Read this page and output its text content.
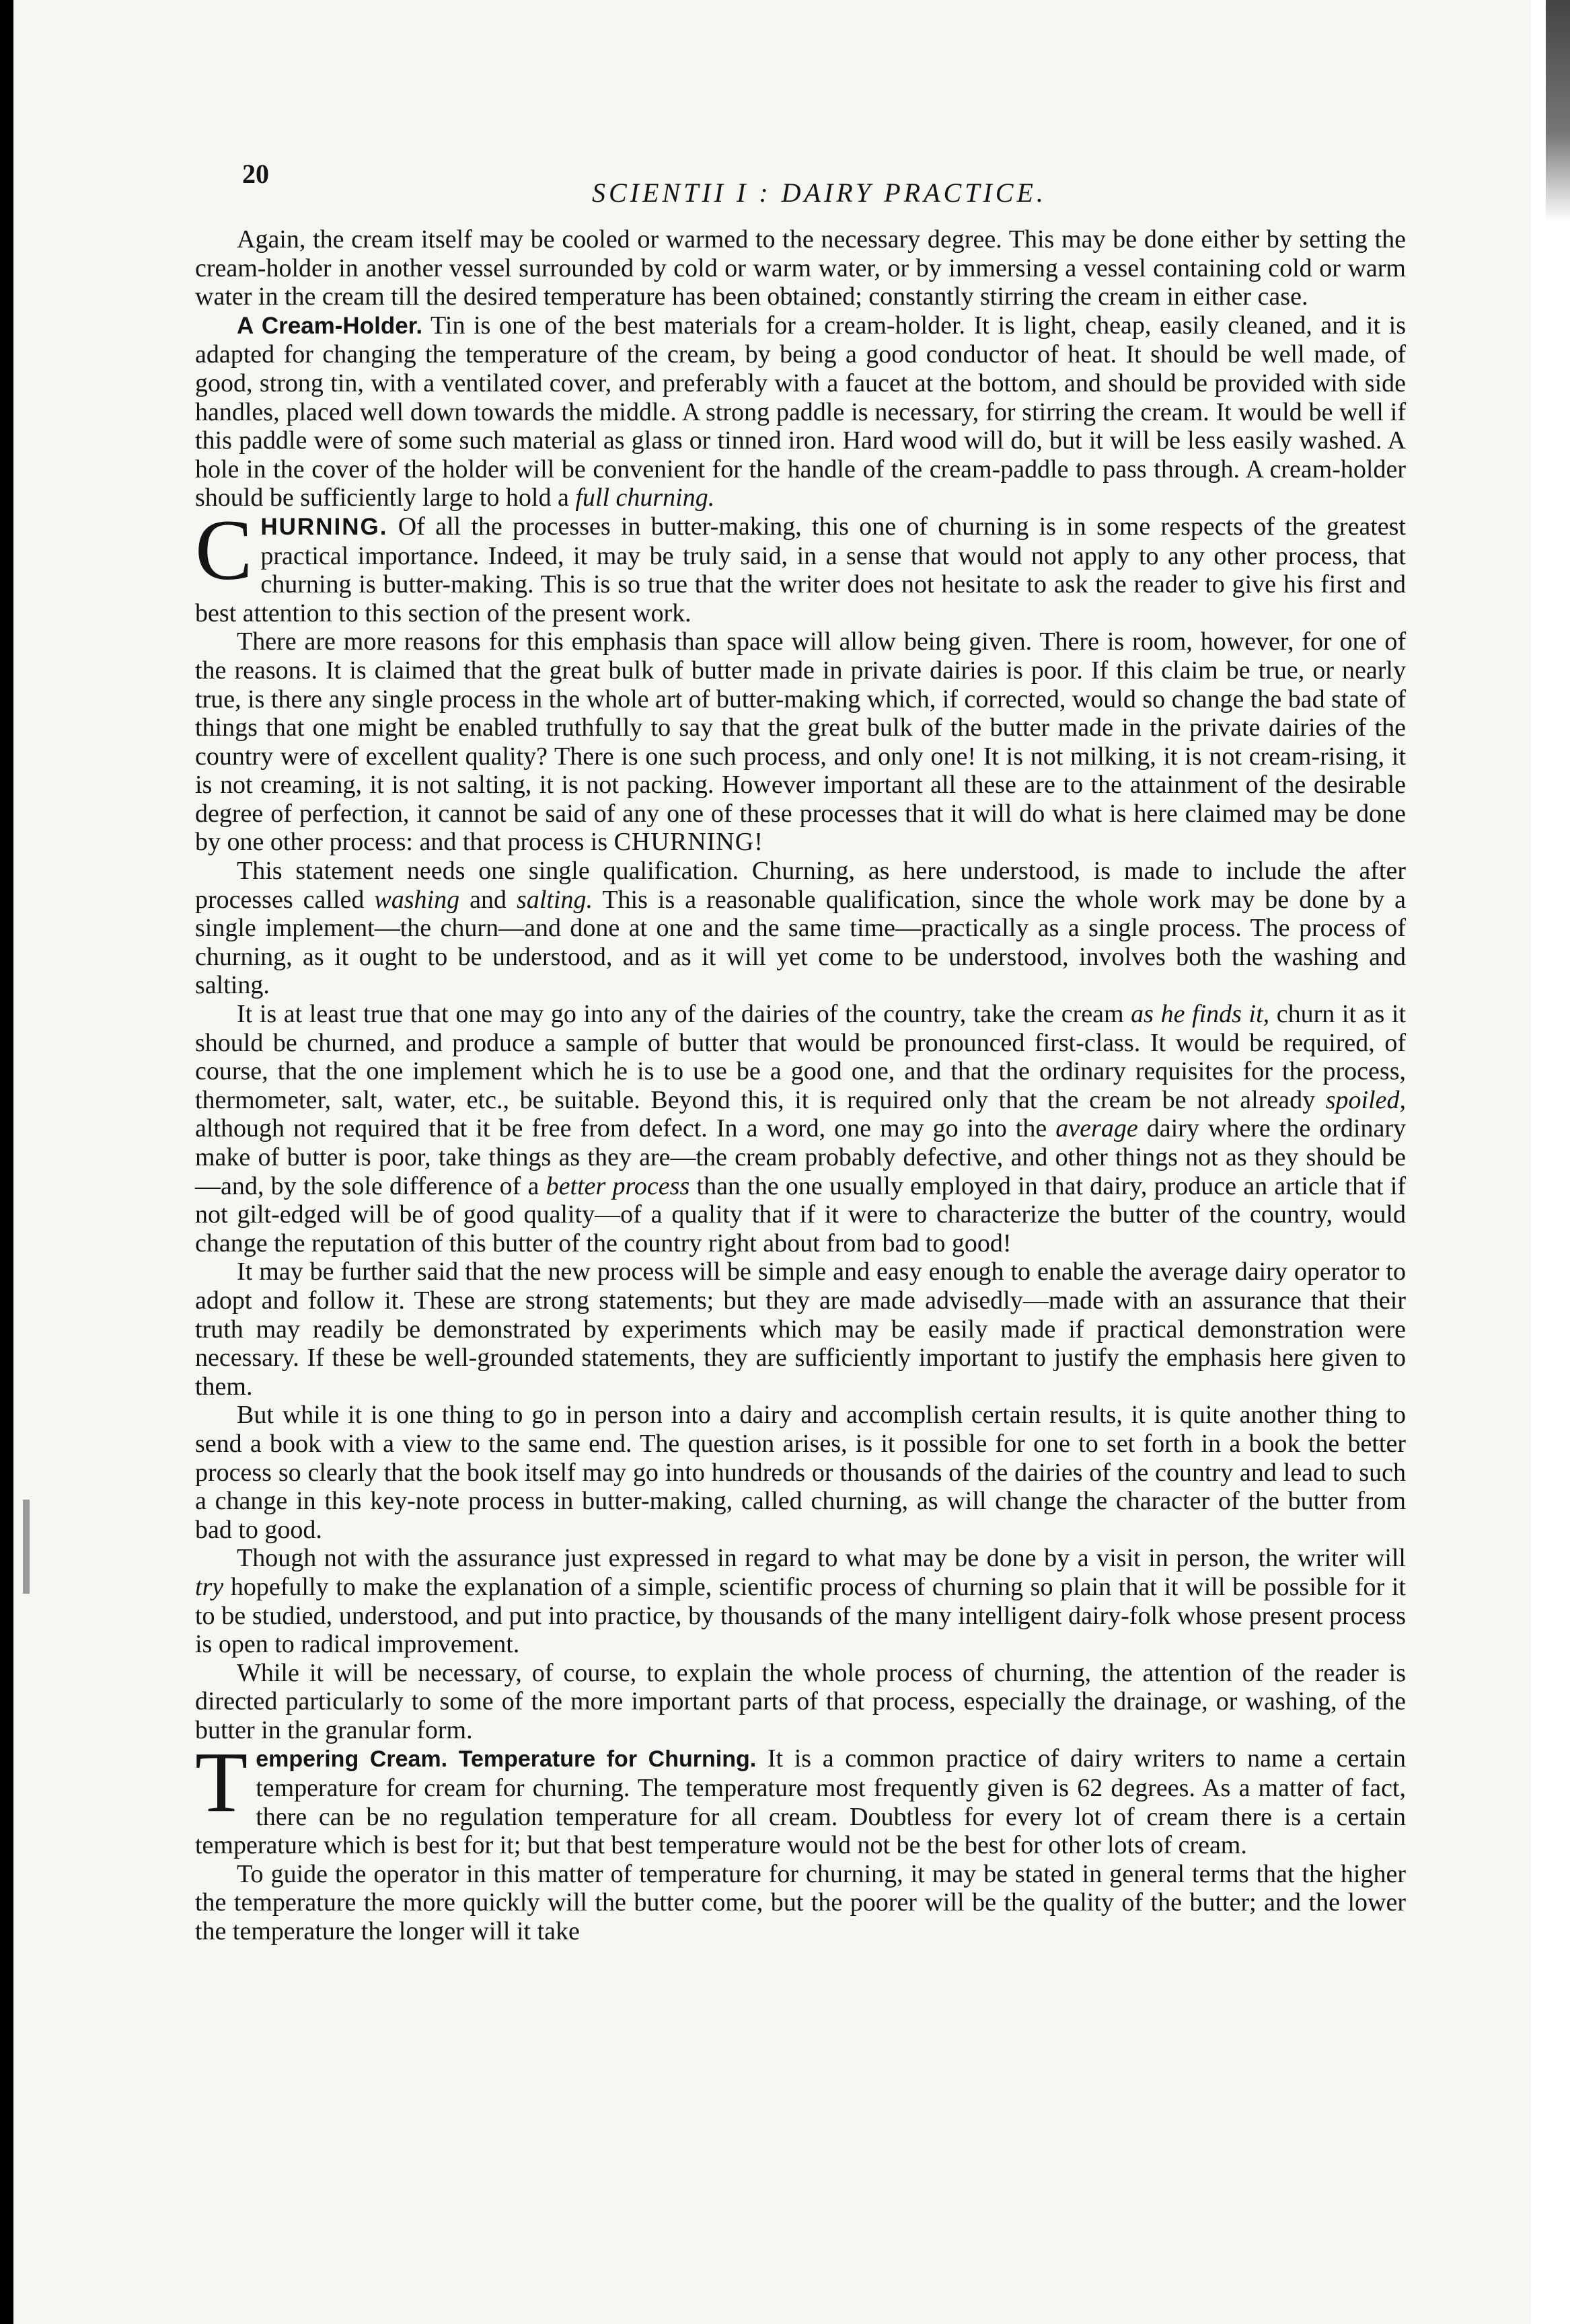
20
SCIENTII I : DAIRY PRACTICE.

Again, the cream itself may be cooled or warmed to the necessary degree. This may be done either by setting the cream-holder in another vessel surrounded by cold or warm water, or by immersing a vessel containing cold or warm water in the cream till the desired temperature has been obtained; constantly stirring the cream in either case.

A Cream-Holder. Tin is one of the best materials for a cream-holder. It is light, cheap, easily cleaned, and it is adapted for changing the temperature of the cream, by being a good conductor of heat. It should be well made, of good, strong tin, with a ventilated cover, and preferably with a faucet at the bottom, and should be provided with side handles, placed well down towards the middle. A strong paddle is necessary, for stirring the cream. It would be well if this paddle were of some such material as glass or tinned iron. Hard wood will do, but it will be less easily washed. A hole in the cover of the holder will be convenient for the handle of the cream-paddle to pass through. A cream-holder should be sufficiently large to hold a full churning.

CHURNING. Of all the processes in butter-making, this one of churning is in some respects of the greatest practical importance. Indeed, it may be truly said, in a sense that would not apply to any other process, that churning is butter-making. This is so true that the writer does not hesitate to ask the reader to give his first and best attention to this section of the present work.

There are more reasons for this emphasis than space will allow being given. There is room, however, for one of the reasons. It is claimed that the great bulk of butter made in private dairies is poor. If this claim be true, or nearly true, is there any single process in the whole art of butter-making which, if corrected, would so change the bad state of things that one might be enabled truthfully to say that the great bulk of the butter made in the private dairies of the country were of excellent quality? There is one such process, and only one! It is not milking, it is not cream-rising, it is not creaming, it is not salting, it is not packing. However important all these are to the attainment of the desirable degree of perfection, it cannot be said of any one of these processes that it will do what is here claimed may be done by one other process: and that process is CHURNING!

This statement needs one single qualification. Churning, as here understood, is made to include the after processes called washing and salting. This is a reasonable qualification, since the whole work may be done by a single implement—the churn—and done at one and the same time—practically as a single process. The process of churning, as it ought to be understood, and as it will yet come to be understood, involves both the washing and salting.

It is at least true that one may go into any of the dairies of the country, take the cream as he finds it, churn it as it should be churned, and produce a sample of butter that would be pronounced first-class. It would be required, of course, that the one implement which he is to use be a good one, and that the ordinary requisites for the process, thermometer, salt, water, etc., be suitable. Beyond this, it is required only that the cream be not already spoiled, although not required that it be free from defect. In a word, one may go into the average dairy where the ordinary make of butter is poor, take things as they are—the cream probably defective, and other things not as they should be—and, by the sole difference of a better process than the one usually employed in that dairy, produce an article that if not gilt-edged will be of good quality—of a quality that if it were to characterize the butter of the country, would change the reputation of this butter of the country right about from bad to good!

It may be further said that the new process will be simple and easy enough to enable the average dairy operator to adopt and follow it. These are strong statements; but they are made advisedly—made with an assurance that their truth may readily be demonstrated by experiments which may be easily made if practical demonstration were necessary. If these be well-grounded statements, they are sufficiently important to justify the emphasis here given to them.

But while it is one thing to go in person into a dairy and accomplish certain results, it is quite another thing to send a book with a view to the same end. The question arises, is it possible for one to set forth in a book the better process so clearly that the book itself may go into hundreds or thousands of the dairies of the country and lead to such a change in this key-note process in butter-making, called churning, as will change the character of the butter from bad to good.

Though not with the assurance just expressed in regard to what may be done by a visit in person, the writer will try hopefully to make the explanation of a simple, scientific process of churning so plain that it will be possible for it to be studied, understood, and put into practice, by thousands of the many intelligent dairy-folk whose present process is open to radical improvement.

While it will be necessary, of course, to explain the whole process of churning, the attention of the reader is directed particularly to some of the more important parts of that process, especially the drainage, or washing, of the butter in the granular form.

Tempering Cream. Temperature for Churning. It is a common practice of dairy writers to name a certain temperature for cream for churning. The temperature most frequently given is 62 degrees. As a matter of fact, there can be no regulation temperature for all cream. Doubtless for every lot of cream there is a certain temperature which is best for it; but that best temperature would not be the best for other lots of cream.

To guide the operator in this matter of temperature for churning, it may be stated in general terms that the higher the temperature the more quickly will the butter come, but the poorer will be the quality of the butter; and the lower the temperature the longer will it take
